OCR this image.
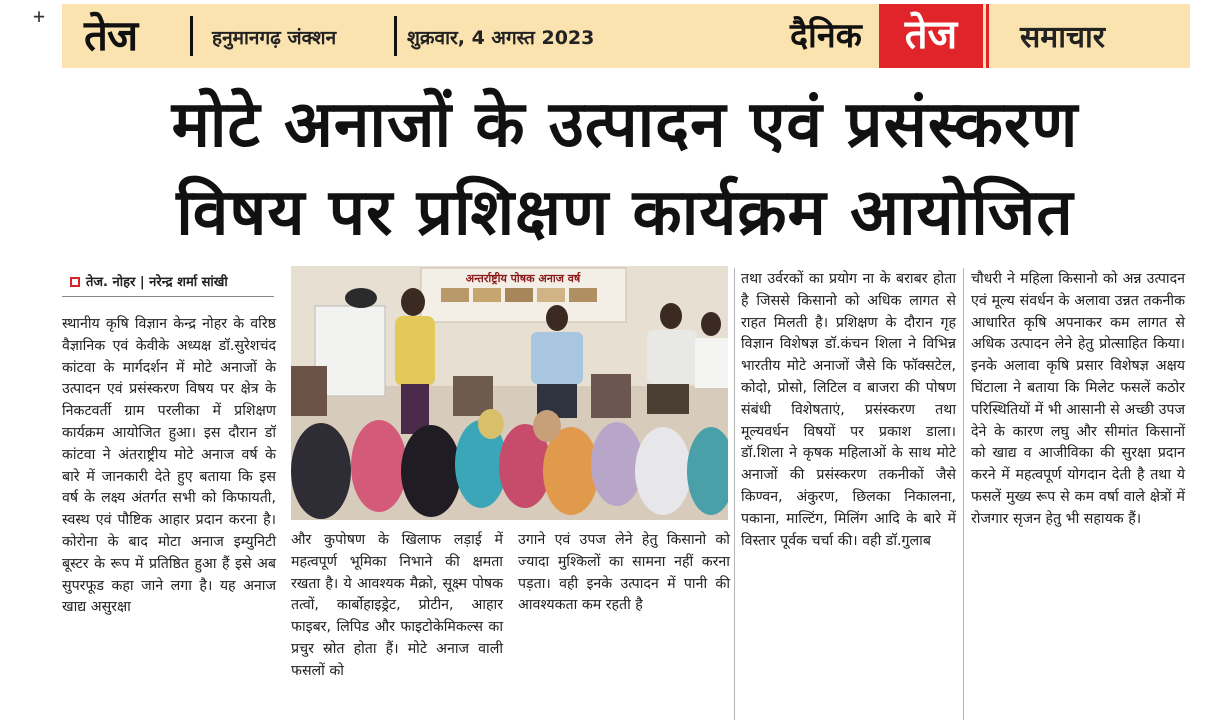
+ तेज	हनुमानगढ़ जंक्शन	शुक्रवार, 4 अगस्त 2023	दैनिक	तेज	समाचार
मोटे अनाजों के उत्पादन एवं प्रसंस्करण
विषय पर प्रशिक्षण कार्यक्रम आयोजित
तेज. नोहर | नरेन्द्र शर्मा सांखी
स्थानीय कृषि विज्ञान केन्द्र नोहर के वरिष्ठ वैज्ञानिक एवं केवीके अध्यक्ष डॉ.सुरेशचंद कांटवा के मार्गदर्शन में मोटे अनाजों के उत्पादन एवं प्रसंस्करण विषय पर क्षेत्र के निकटवर्ती ग्राम परलीका में प्रशिक्षण कार्यक्रम आयोजित हुआ। इस दौरान डॉ कांटवा ने अंतराष्ट्रीय मोटे अनाज वर्ष के बारे में जानकारी देते हुए बताया कि इस वर्ष के लक्ष्य अंतर्गत सभी को किफायती, स्वस्थ एवं पौष्टिक आहार प्रदान करना है। कोरोना के बाद मोटा अनाज इम्युनिटी बूस्टर के रूप में प्रतिष्ठित हुआ हैं इसे अब सुपरफूड कहा जाने लगा है। यह अनाज खाद्य असुरक्षा
अन्तर्राष्ट्रीय पोषक अनाज वर्ष
और कुपोषण के खिलाफ लड़ाई में महत्वपूर्ण भूमिका निभाने की क्षमता रखता है। ये आवश्यक मैक्रो, सूक्ष्म पोषक तत्वों, कार्बोहाइड्रेट, प्रोटीन, आहार फाइबर, लिपिड और फाइटोकेमिकल्स का प्रचुर स्रोत होता हैं। मोटे अनाज वाली फसलों को
उगाने एवं उपज लेने हेतु किसानो को ज्यादा मुश्किलों का सामना नहीं करना पड़ता। वही इनके उत्पादन में पानी की आवश्यकता कम रहती है
तथा उर्वरकों का प्रयोग ना के बराबर होता है जिससे किसानो को अधिक लागत से राहत मिलती है। प्रशिक्षण के दौरान गृह विज्ञान विशेषज्ञ डॉ.कंचन शिला ने विभिन्न भारतीय मोटे अनाजों जैसे कि फॉक्सटेल, कोदो, प्रोसो, लिटिल व बाजरा की पोषण संबंधी विशेषताएं, प्रसंस्करण तथा मूल्यवर्धन विषयों पर प्रकाश डाला। डॉ.शिला ने कृषक महिलाओं के साथ मोटे अनाजों की प्रसंस्करण तकनीकों जैसे किण्वन, अंकुरण, छिलका निकालना, पकाना, माल्टिंग, मिलिंग आदि के बारे में विस्तार पूर्वक चर्चा की। वही डॉ.गुलाब
चौधरी ने महिला किसानो को अन्न उत्पादन एवं मूल्य संवर्धन के अलावा उन्नत तकनीक आधारित कृषि अपनाकर कम लागत से अधिक उत्पादन लेने हेतु प्रोत्साहित किया। इनके अलावा कृषि प्रसार विशेषज्ञ अक्षय घिंटाला ने बताया कि मिलेट फसलें कठोर परिस्थितियों में भी आसानी से अच्छी उपज देने के कारण लघु और सीमांत किसानों को खाद्य व आजीविका की सुरक्षा प्रदान करने में महत्वपूर्ण योगदान देती है तथा ये फसलें मुख्य रूप से कम वर्षा वाले क्षेत्रों में रोजगार सृजन हेतु भी सहायक हैं।
